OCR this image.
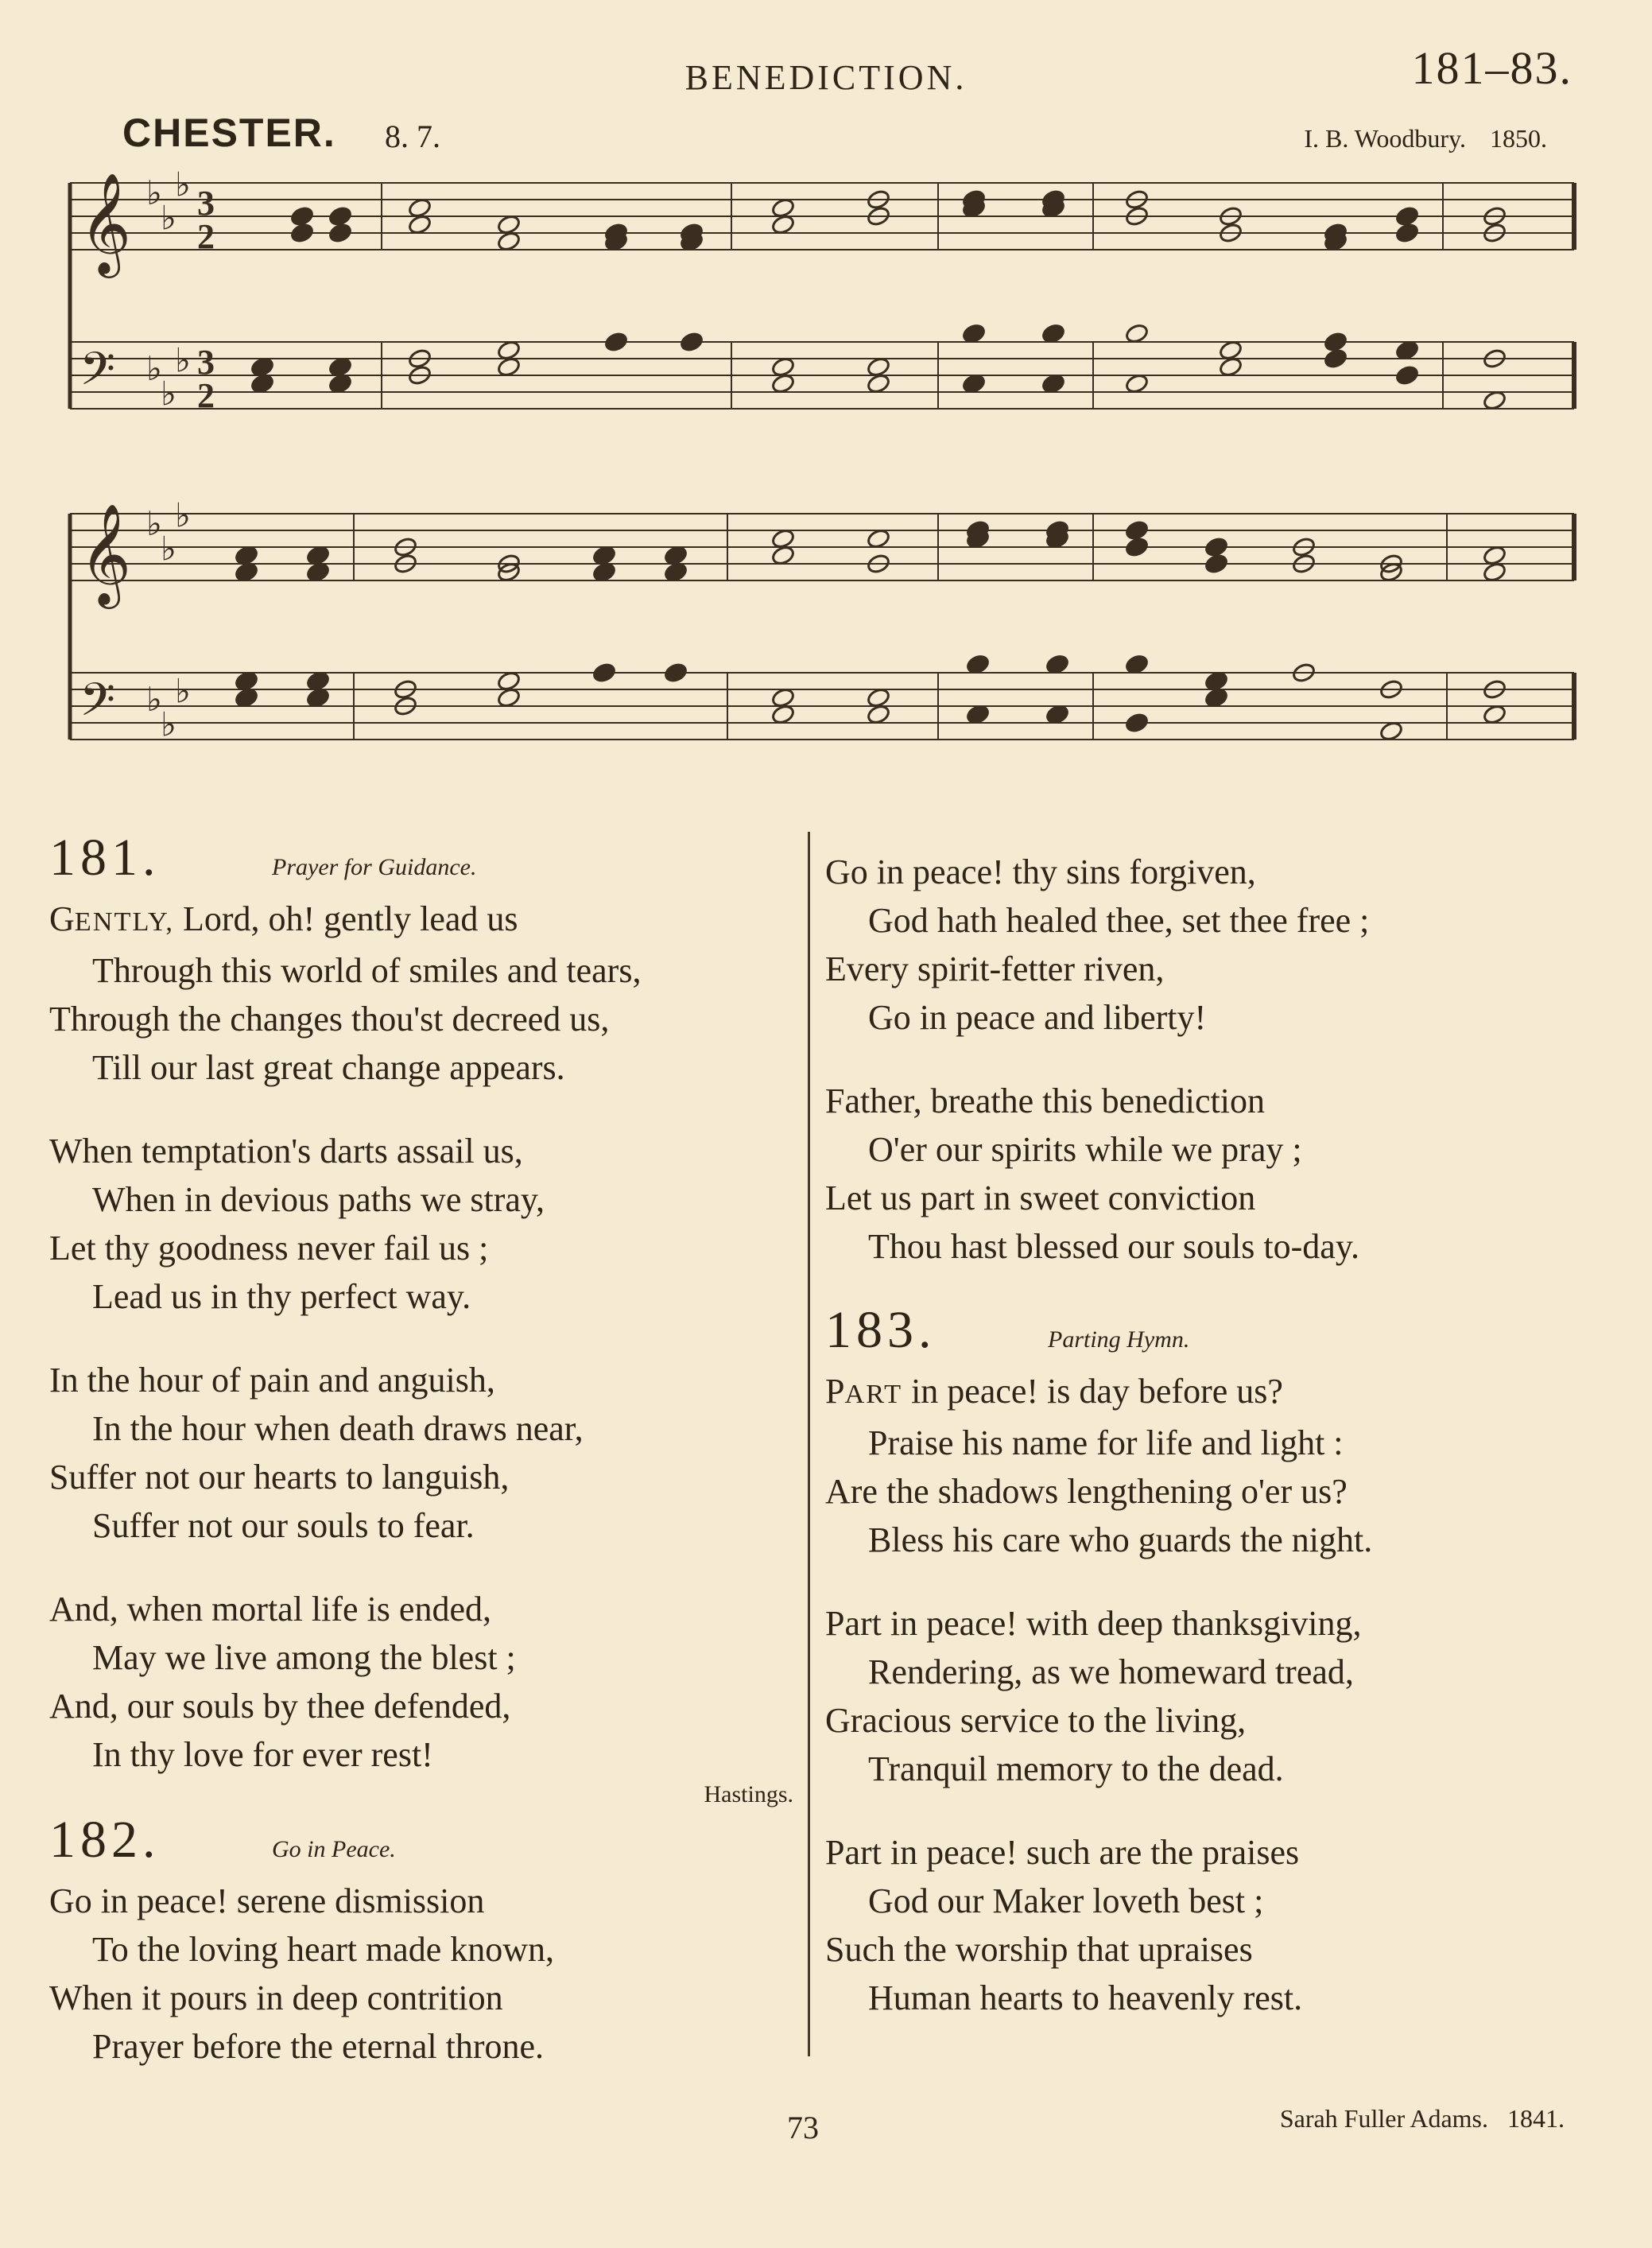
BENEDICTION.	181–83.
CHESTER. 8. 7.	I. B. Woodbury. 1850.
𝄞 ♭
♭
♭ 3
2
𝄢 ♭
♭
♭ 3
2
𝄞 ♭
♭
♭
𝄢 ♭
♭
♭
181.	Prayer for Guidance.
GENTLY, Lord, oh! gently lead us
Through this world of smiles and tears,
Through the changes thou'st decreed us,
Till our last great change appears.
When temptation's darts assail us,
When in devious paths we stray,
Let thy goodness never fail us ;
Lead us in thy perfect way.
In the hour of pain and anguish,
In the hour when death draws near,
Suffer not our hearts to languish,
Suffer not our souls to fear.
And, when mortal life is ended,
May we live among the blest ;
And, our souls by thee defended,
In thy love for ever rest!
Hastings.
182.	Go in Peace.
Go in peace! serene dismission
To the loving heart made known,
When it pours in deep contrition
Prayer before the eternal throne.
Go in peace! thy sins forgiven,
God hath healed thee, set thee free ;
Every spirit-fetter riven,
Go in peace and liberty!
Father, breathe this benediction
O'er our spirits while we pray ;
Let us part in sweet conviction
Thou hast blessed our souls to-day.
183.	Parting Hymn.
PART in peace! is day before us?
Praise his name for life and light :
Are the shadows lengthening o'er us?
Bless his care who guards the night.
Part in peace! with deep thanksgiving,
Rendering, as we homeward tread,
Gracious service to the living,
Tranquil memory to the dead.
Part in peace! such are the praises
God our Maker loveth best ;
Such the worship that upraises
Human hearts to heavenly rest.
73	Sarah Fuller Adams. 1841.
